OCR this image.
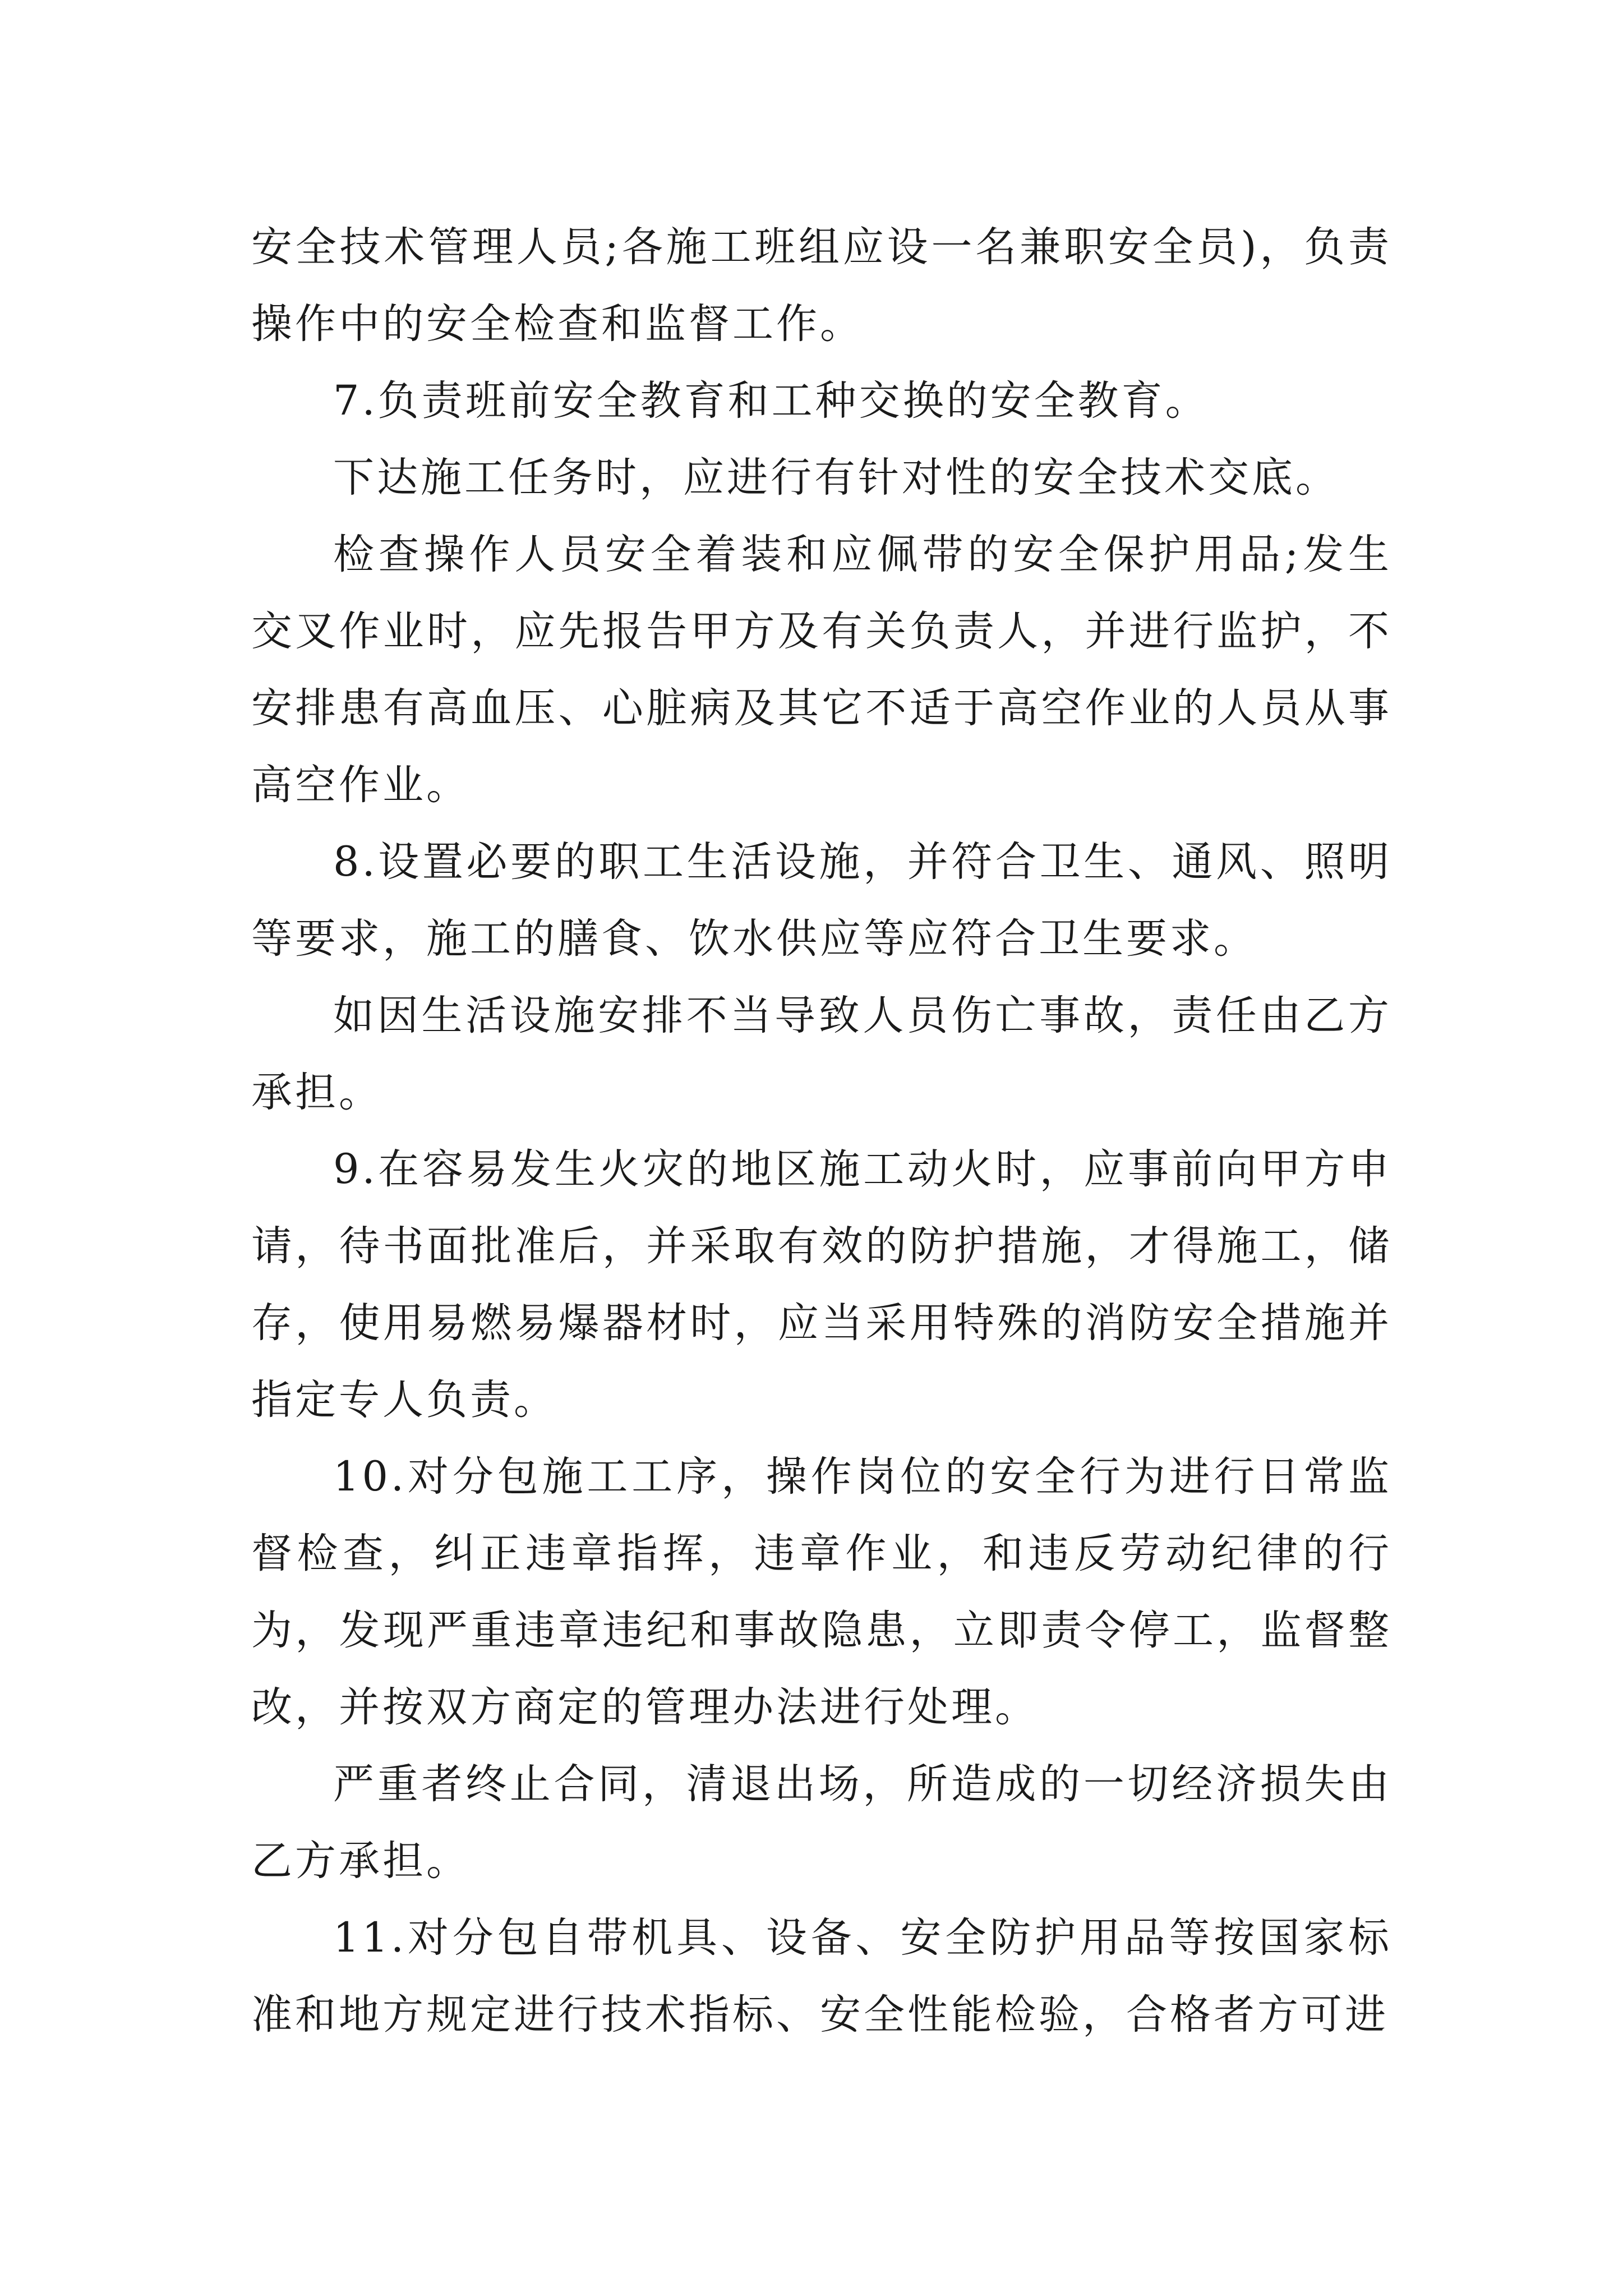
安全技术管理人员;各施工班组应设一名兼职安全员)，负责操作中的安全检查和监督工作。

7.负责班前安全教育和工种交换的安全教育。

下达施工任务时，应进行有针对性的安全技术交底。

检查操作人员安全着装和应佩带的安全保护用品;发生交叉作业时，应先报告甲方及有关负责人，并进行监护，不安排患有高血压、心脏病及其它不适于高空作业的人员从事高空作业。

8.设置必要的职工生活设施，并符合卫生、通风、照明等要求，施工的膳食、饮水供应等应符合卫生要求。

如因生活设施安排不当导致人员伤亡事故，责任由乙方承担。

9.在容易发生火灾的地区施工动火时，应事前向甲方申请，待书面批准后，并采取有效的防护措施，才得施工，储存，使用易燃易爆器材时，应当采用特殊的消防安全措施并指定专人负责。

10.对分包施工工序，操作岗位的安全行为进行日常监督检查，纠正违章指挥，违章作业，和违反劳动纪律的行为，发现严重违章违纪和事故隐患，立即责令停工，监督整改，并按双方商定的管理办法进行处理。

严重者终止合同，清退出场，所造成的一切经济损失由乙方承担。

11.对分包自带机具、设备、安全防护用品等按国家标准和地方规定进行技术指标、安全性能检验，合格者方可进
